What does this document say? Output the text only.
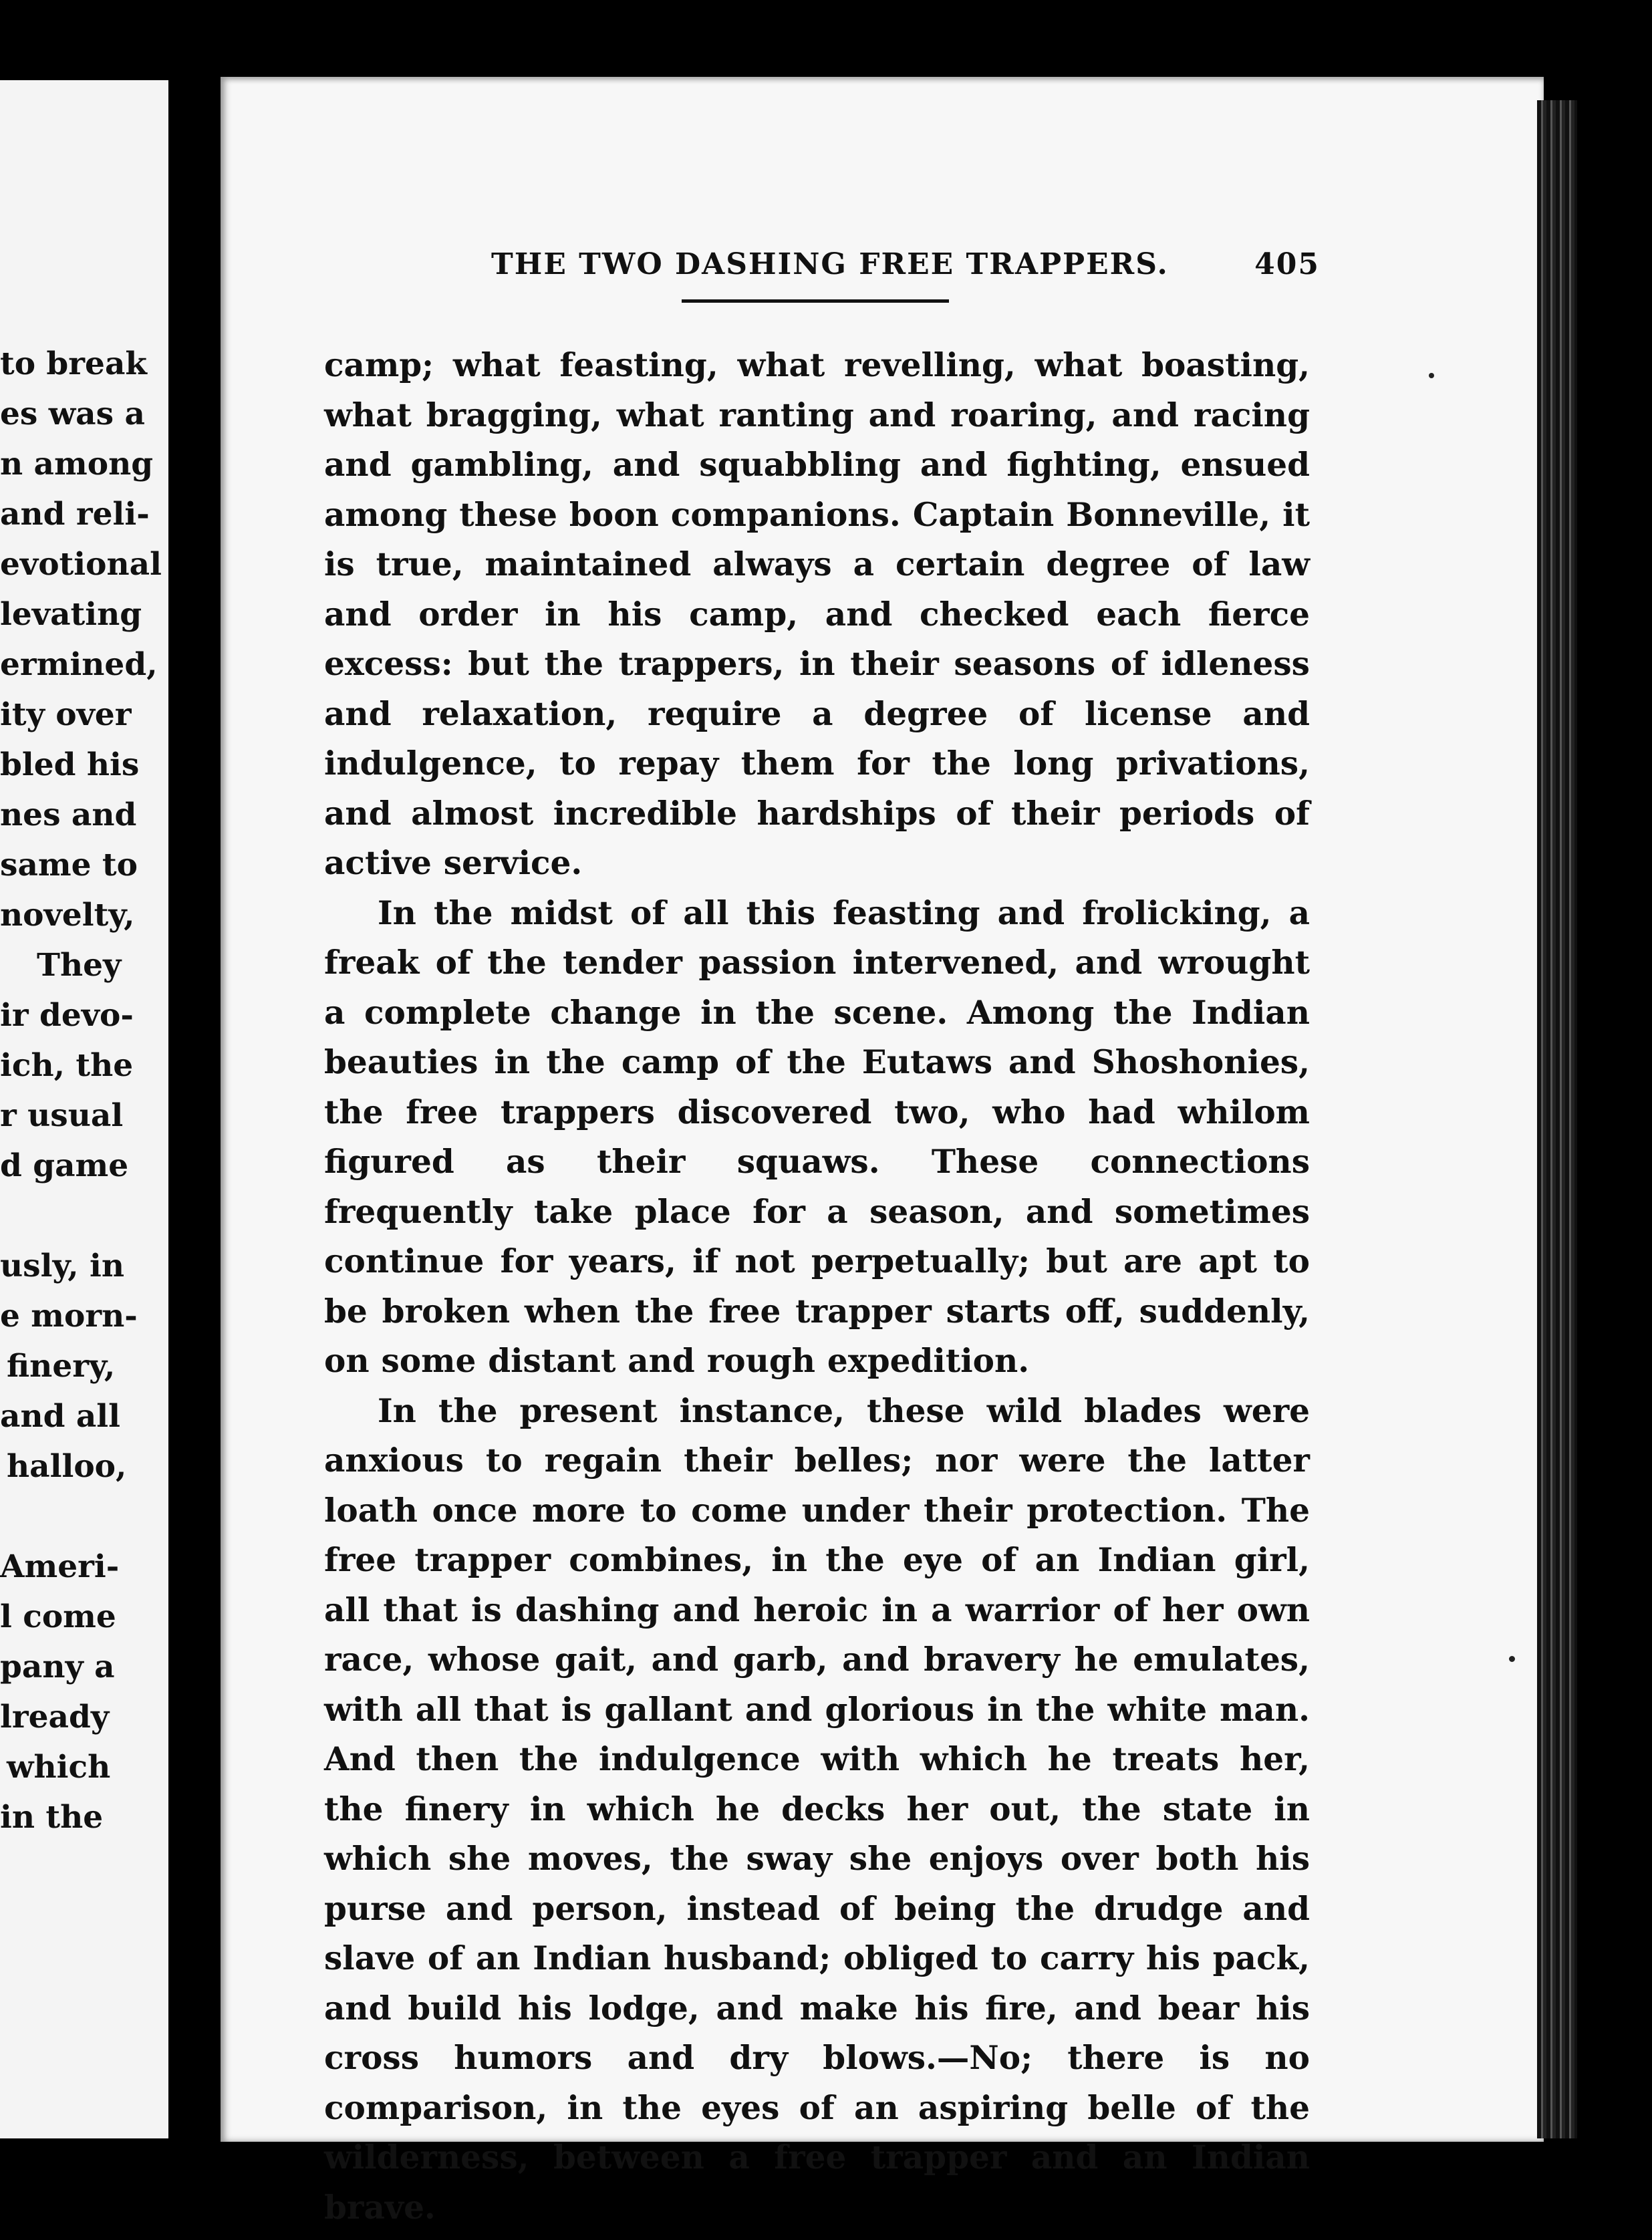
to break
es was a
n among
and reli-
evotional
levating
ermined,
ity over
bled his
nes and
same to
novelty,
They
ir devo-
ich, the
r usual
d game
usly, in
e morn-
finery,
and all
halloo,
Ameri-
l come
pany a
lready
which
in the
THE TWO DASHING FREE TRAPPERS.	405

camp; what feasting, what revelling, what boasting, what bragging, what ranting and roaring, and racing and gambling, and squabbling and fighting, ensued among these boon companions. Captain Bonneville, it is true, maintained always a certain degree of law and order in his camp, and checked each fierce excess: but the trappers, in their seasons of idleness and relaxation, require a degree of license and indulgence, to repay them for the long privations, and almost incredible hardships of their periods of active service.

In the midst of all this feasting and frolicking, a freak of the tender passion intervened, and wrought a complete change in the scene. Among the Indian beauties in the camp of the Eutaws and Shoshonies, the free trappers discovered two, who had whilom figured as their squaws. These connections frequently take place for a season, and sometimes continue for years, if not perpetually; but are apt to be broken when the free trapper starts off, suddenly, on some distant and rough expedition.

In the present instance, these wild blades were anxious to regain their belles; nor were the latter loath once more to come under their protection. The free trapper combines, in the eye of an Indian girl, all that is dashing and heroic in a warrior of her own race, whose gait, and garb, and bravery he emulates, with all that is gallant and glorious in the white man. And then the indulgence with which he treats her, the finery in which he decks her out, the state in which she moves, the sway she enjoys over both his purse and person, instead of being the drudge and slave of an Indian husband; obliged to carry his pack, and build his lodge, and make his fire, and bear his cross humors and dry blows.—No; there is no comparison, in the eyes of an aspiring belle of the wilderness, between a free trapper and an Indian brave.
